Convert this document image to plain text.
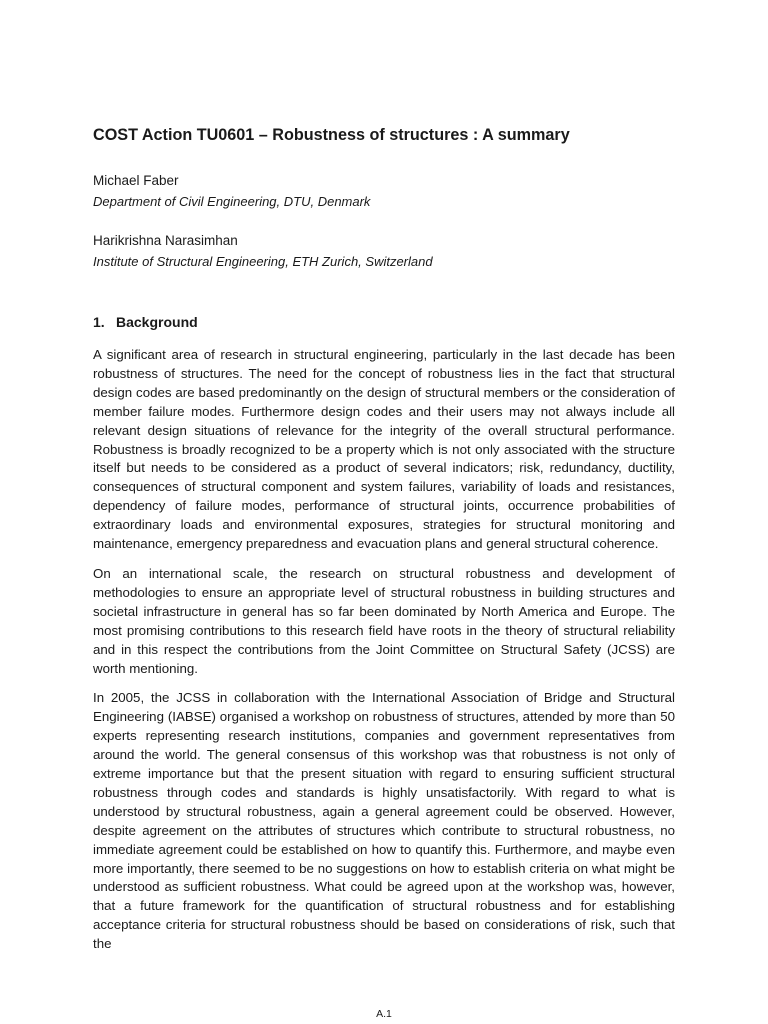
COST Action TU0601 – Robustness of structures : A summary

Michael Faber

Department of Civil Engineering, DTU, Denmark

Harikrishna Narasimhan

Institute of Structural Engineering, ETH Zurich, Switzerland

1. Background

A significant area of research in structural engineering, particularly in the last decade has been robustness of structures. The need for the concept of robustness lies in the fact that structural design codes are based predominantly on the design of structural members or the consideration of member failure modes. Furthermore design codes and their users may not always include all relevant design situations of relevance for the integrity of the overall structural performance. Robustness is broadly recognized to be a property which is not only associated with the structure itself but needs to be considered as a product of several indicators; risk, redundancy, ductility, consequences of structural component and system failures, variability of loads and resistances, dependency of failure modes, performance of structural joints, occurrence probabilities of extraordinary loads and environmental exposures, strategies for structural monitoring and maintenance, emergency preparedness and evacuation plans and general structural coherence.

On an international scale, the research on structural robustness and development of methodologies to ensure an appropriate level of structural robustness in building structures and societal infrastructure in general has so far been dominated by North America and Europe. The most promising contributions to this research field have roots in the theory of structural reliability and in this respect the contributions from the Joint Committee on Structural Safety (JCSS) are worth mentioning.

In 2005, the JCSS in collaboration with the International Association of Bridge and Structural Engineering (IABSE) organised a workshop on robustness of structures, attended by more than 50 experts representing research institutions, companies and government representatives from around the world. The general consensus of this workshop was that robustness is not only of extreme importance but that the present situation with regard to ensuring sufficient structural robustness through codes and standards is highly unsatisfactorily. With regard to what is understood by structural robustness, again a general agreement could be observed. However, despite agreement on the attributes of structures which contribute to structural robustness, no immediate agreement could be established on how to quantify this. Furthermore, and maybe even more importantly, there seemed to be no suggestions on how to establish criteria on what might be understood as sufficient robustness. What could be agreed upon at the workshop was, however, that a future framework for the quantification of structural robustness and for establishing acceptance criteria for structural robustness should be based on considerations of risk, such that the

A.1
